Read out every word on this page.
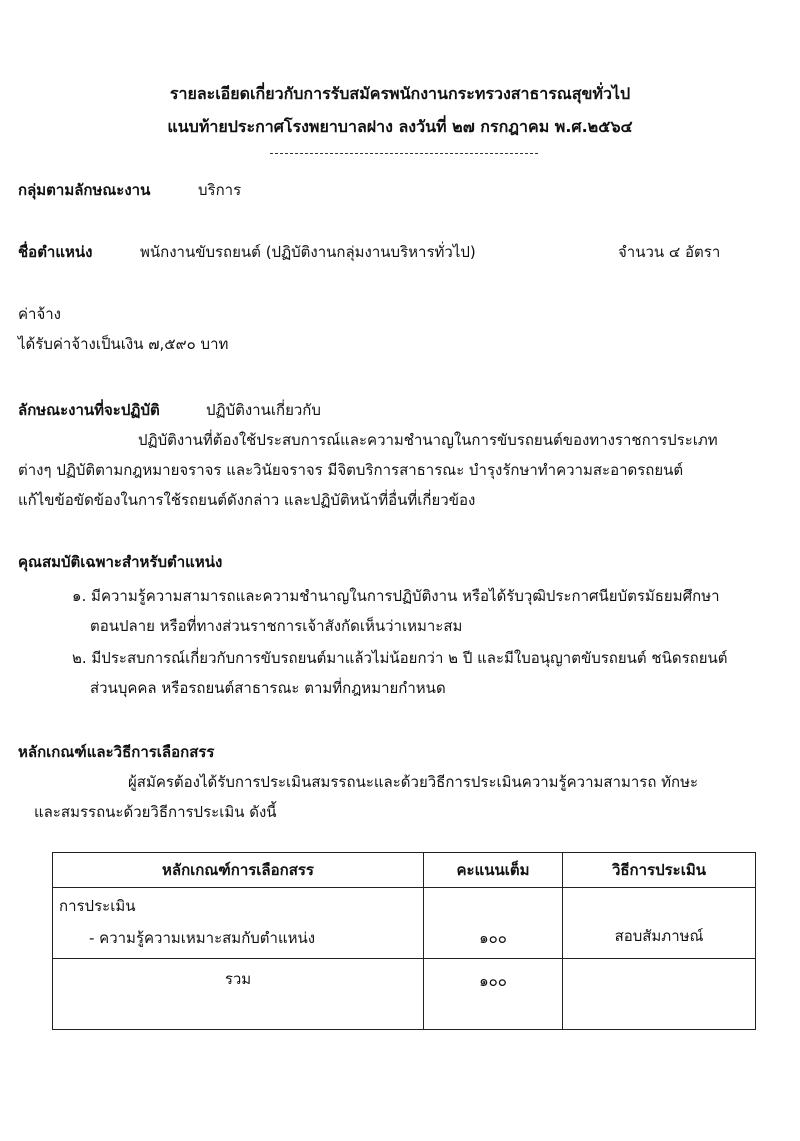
รายละเอียดเกี่ยวกับการรับสมัครพนักงานกระทรวงสาธารณสุขทั่วไป
แนบท้ายประกาศโรงพยาบาลฝาง ลงวันที่ ๒๗ กรกฎาคม พ.ศ.๒๕๖๔
กลุ่มตามลักษณะงาน	บริการ
ชื่อตำแหน่ง	พนักงานขับรถยนต์ (ปฏิบัติงานกลุ่มงานบริหารทั่วไป)	จำนวน ๔ อัตรา
ค่าจ้าง
ได้รับค่าจ้างเป็นเงิน ๗,๕๙๐ บาท
ลักษณะงานที่จะปฏิบัติ	ปฏิบัติงานเกี่ยวกับ
ปฏิบัติงานที่ต้องใช้ประสบการณ์และความชำนาญในการขับรถยนต์ของทางราชการประเภท
ต่างๆ ปฏิบัติตามกฎหมายจราจร และวินัยจราจร มีจิตบริการสาธารณะ บำรุงรักษาทำความสะอาดรถยนต์
แก้ไขข้อขัดข้องในการใช้รถยนต์ดังกล่าว และปฏิบัติหน้าที่อื่นที่เกี่ยวข้อง
คุณสมบัติเฉพาะสำหรับตำแหน่ง
๑. มีความรู้ความสามารถและความชำนาญในการปฏิบัติงาน หรือได้รับวุฒิประกาศนียบัตรมัธยมศึกษา
ตอนปลาย หรือที่ทางส่วนราชการเจ้าสังกัดเห็นว่าเหมาะสม
๒. มีประสบการณ์เกี่ยวกับการขับรถยนต์มาแล้วไม่น้อยกว่า ๒ ปี และมีใบอนุญาตขับรถยนต์ ชนิดรถยนต์
ส่วนบุคคล หรือรถยนต์สาธารณะ ตามที่กฎหมายกำหนด
หลักเกณฑ์และวิธีการเลือกสรร
ผู้สมัครต้องได้รับการประเมินสมรรถนะและด้วยวิธีการประเมินความรู้ความสามารถ ทักษะ
และสมรรถนะด้วยวิธีการประเมิน ดังนี้
หลักเกณฑ์การเลือกสรร	คะแนนเต็ม	วิธีการประเมิน

การประเมิน
- ความรู้ความเหมาะสมกับตำแหน่ง	๑๐๐	สอบสัมภาษณ์

รวม	๑๐๐	
